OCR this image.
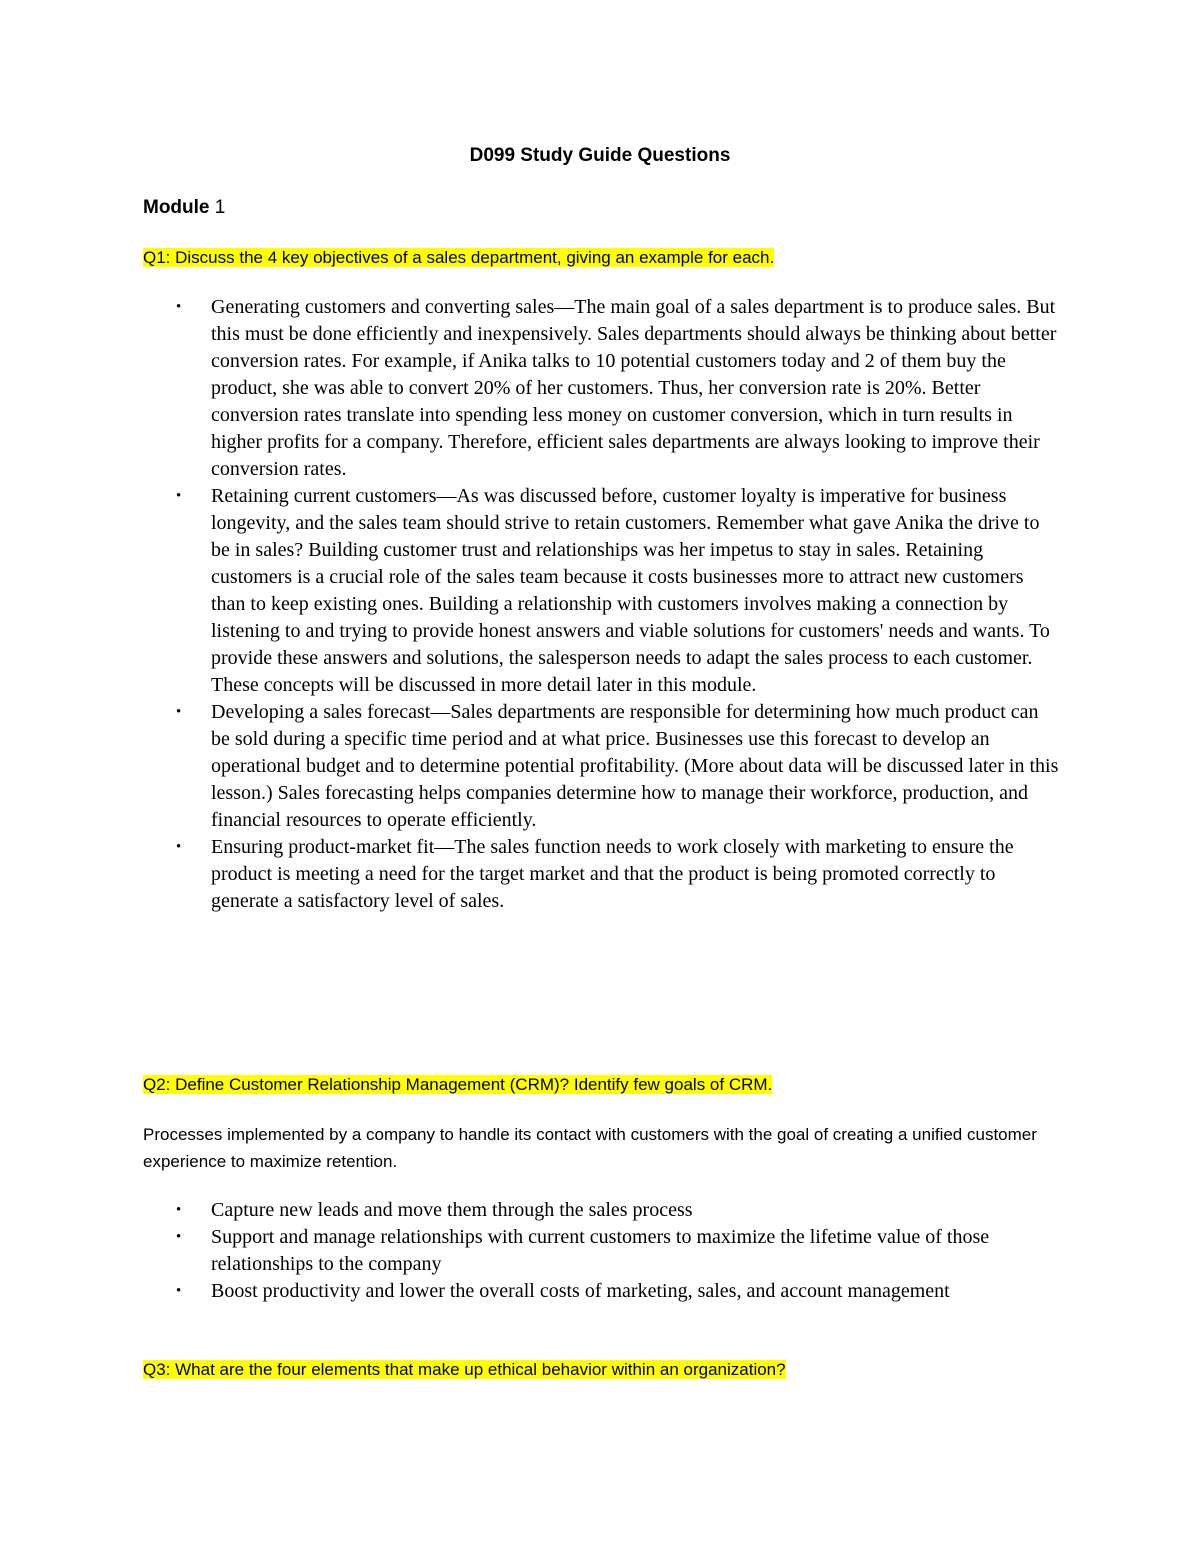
D099 Study Guide Questions
Module 1
Q1: Discuss the 4 key objectives of a sales department, giving an example for each.
• Generating customers and converting sales—The main goal of a sales department is to produce sales. But this must be done efficiently and inexpensively. Sales departments should always be thinking about better conversion rates. For example, if Anika talks to 10 potential customers today and 2 of them buy the product, she was able to convert 20% of her customers. Thus, her conversion rate is 20%. Better conversion rates translate into spending less money on customer conversion, which in turn results in higher profits for a company. Therefore, efficient sales departments are always looking to improve their conversion rates.
• Retaining current customers—As was discussed before, customer loyalty is imperative for business longevity, and the sales team should strive to retain customers. Remember what gave Anika the drive to be in sales? Building customer trust and relationships was her impetus to stay in sales. Retaining customers is a crucial role of the sales team because it costs businesses more to attract new customers than to keep existing ones. Building a relationship with customers involves making a connection by listening to and trying to provide honest answers and viable solutions for customers' needs and wants. To provide these answers and solutions, the salesperson needs to adapt the sales process to each customer. These concepts will be discussed in more detail later in this module.
• Developing a sales forecast—Sales departments are responsible for determining how much product can be sold during a specific time period and at what price. Businesses use this forecast to develop an operational budget and to determine potential profitability. (More about data will be discussed later in this lesson.) Sales forecasting helps companies determine how to manage their workforce, production, and financial resources to operate efficiently.
• Ensuring product-market fit—The sales function needs to work closely with marketing to ensure the product is meeting a need for the target market and that the product is being promoted correctly to generate a satisfactory level of sales.
Q2: Define Customer Relationship Management (CRM)? Identify few goals of CRM.
Processes implemented by a company to handle its contact with customers with the goal of creating a unified customer experience to maximize retention.
• Capture new leads and move them through the sales process
• Support and manage relationships with current customers to maximize the lifetime value of those relationships to the company
• Boost productivity and lower the overall costs of marketing, sales, and account management
Q3: What are the four elements that make up ethical behavior within an organization?
